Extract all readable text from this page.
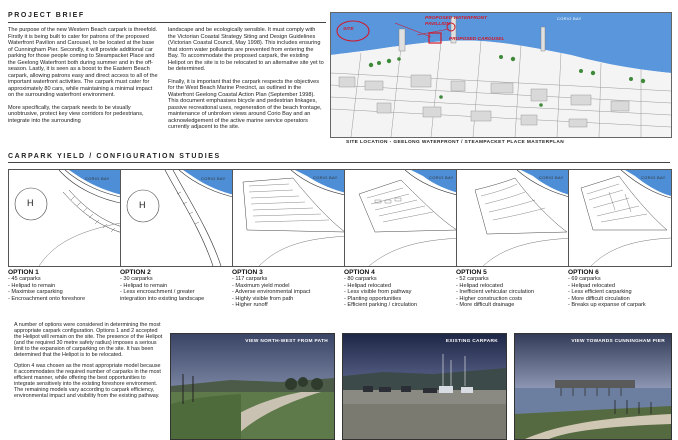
PROJECT BRIEF

The purpose of the new Western Beach carpark is threefold. Firstly it is being built to cater for patrons of the proposed Waterfront Pavilion and Carousel, to be located at the base of Cunningham Pier. Secondly, it will provide additional car parking for those people coming to Steampacket Place and the Geelong Waterfront both during summer and in the off-season. Lastly, it is seen as a boost to the Eastern Beach carpark, allowing patrons easy and direct access to all of the important waterfront activities. The carpark must cater for approximately 80 cars, while maintaining a minimal impact on the surrounding waterfront environment.

More specifically, the carpark needs to be visually unobtrusive, protect key view corridors for pedestrians, integrate into the surrounding

landscape and be ecologically sensible. It must comply with the Victorian Coastal Strategy Siting and Design Guidelines (Victorian Coastal Council, May 1998). This includes ensuring that storm water pollutants are prevented from entering the Bay. To accommodate the proposed carpark, the existing Helipot on the site is to be relocated to an alternative site yet to be determined.

Finally, it is important that the carpark respects the objectives for the West Beach Marine Precinct, as outlined in the Waterfront Geelong Coastal Action Plan (September 1998). This document emphasises bicycle and pedestrian linkages, passive recreational uses, regeneration of the beach frontage, maintenance of unbroken views around Corio Bay and an acknowledgement of the active marine service operators currently adjacent to the site.

SITE
PROPOSED WATERFRONT PAVILLION
PROPOSED CAROUSEL
CORIO BAY
SITE LOCATION - GEELONG WATERFRONT / STEAMPACKET PLACE MASTERPLAN
CARPARK YIELD / CONFIGURATION STUDIES
H
CORIO BAY
H
CORIO BAY	CORIO BAY	CORIO BAY	CORIO BAY	CORIO BAY
OPTION 1
- 45 carparks
- Helipad to remain
- Maximise carparking
- Encroachment onto foreshore
OPTION 2
- 30 carparks
- Helipad to remain
- Less encroachment / greater
integration into existing landscape
OPTION 3
- 117 carparks
- Maximum yield model
- Adverse environmental impact
- Highly visible from path
- Higher runoff
OPTION 4
- 80 carparks
- Helipad relocated
- Less visible from pathway
- Planting opportunities
- Efficient parking / circulation
OPTION 5
- 52 carparks
- Helipad relocated
- Inefficient vehicular circulation
- Higher construction costs
- More difficult drainage
OPTION 6
- 69 carparks
- Helipad relocated
- Less efficient carparking
- More difficult circulation
- Breaks up expanse of carpark

A number of options were considered in determining the most appropriate carpark configuration. Options 1 and 2 accepted the Helipot will remain on the site. The presence of the Helipot (and the required 30 metre safety radius) imposes a serious limit to the expansion of carparking on the site. It has been determined that the Helipot is to be relocated.

Option 4 was chosen as the most appropriate model because it accommodates the required number of carparks in the most efficient manner, while offering the best opportunities to integrate sensitively into the existing foreshore environment. The remaining models vary according to carpark efficiency, environmental impact and visibility from the existing pathway.

VIEW NORTH-WEST FROM PATH	EXISTING CARPARK	VIEW TOWARDS CUNNINGHAM PIER
